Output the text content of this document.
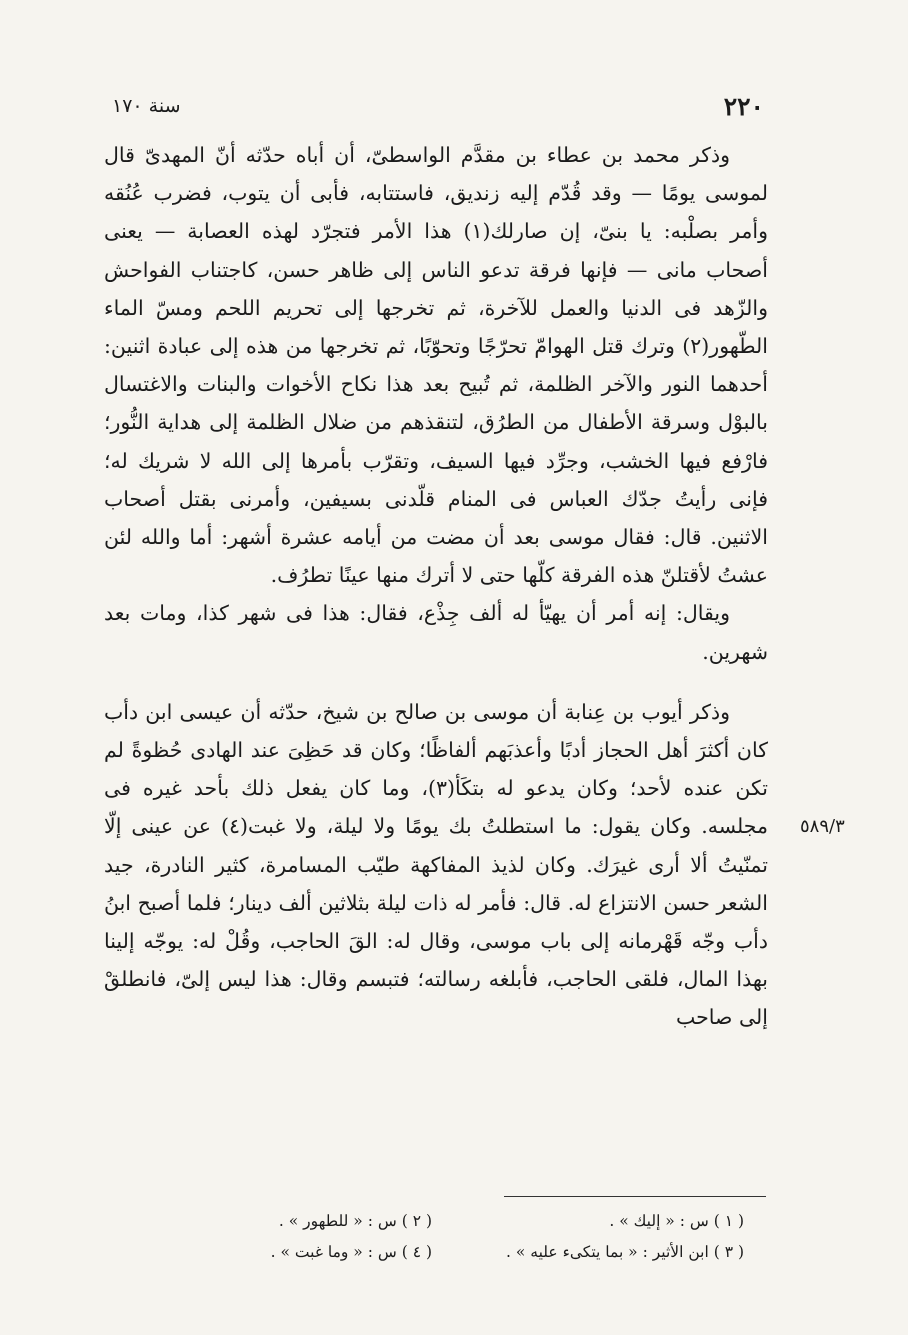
٢٢٠
سنة ١٧٠

وذكر محمد بن عطاء بن مقدَّم الواسطىّ، أن أباه حدّثه أنّ المهدىّ قال لموسى يومًا — وقد قُدّم إليه زنديق، فاستتابه، فأبى أن يتوب، فضرب عُنُقه وأمر بصلْبه: يا بنىّ، إن صارلك(١) هذا الأمر فتجرّد لهذه العصابة — يعنى أصحاب مانى — فإنها فرقة تدعو الناس إلى ظاهر حسن، كاجتناب الفواحش والزّهد فى الدنيا والعمل للآخرة، ثم تخرجها إلى تحريم اللحم ومسّ الماء الطّهور(٢) وترك قتل الهوامّ تحرّجًا وتحوّبًا، ثم تخرجها من هذه إلى عبادة اثنين: أحدهما النور والآخر الظلمة، ثم تُبيح بعد هذا نكاح الأخوات والبنات والاغتسال بالبوْل وسرقة الأطفال من الطرُق، لتنقذهم من ضلال الظلمة إلى هداية النُّور؛ فارْفع فيها الخشب، وجرِّد فيها السيف، وتقرّب بأمرها إلى الله لا شريك له؛ فإنى رأيتُ جدّك العباس فى المنام قلّدنى بسيفين، وأمرنى بقتل أصحاب الاثنين. قال: فقال موسى بعد أن مضت من أيامه عشرة أشهر: أما والله لئن عشتُ لأقتلنّ هذه الفرقة كلّها حتى لا أترك منها عينًا تطرُف.

ويقال: إنه أمر أن يهيّأ له ألف جِذْع، فقال: هذا فى شهر كذا، ومات بعد شهرين.

وذكر أيوب بن عِنابة أن موسى بن صالح بن شيخ، حدّثه أن عيسى ابن دأب كان أكثرَ أهل الحجاز أدبًا وأعذبَهم ألفاظًا؛ وكان قد حَظِىَ عند الهادى حُظوةً لم تكن عنده لأحد؛ وكان يدعو له بتكَأ(٣)، وما كان يفعل ذلك بأحد غيره فى مجلسه. وكان يقول: ما استطلتُ بك يومًا ولا ليلة، ولا غبت(٤) عن عينى إلّا تمنّيتُ ألا أرى غيرَك. وكان لذيذ المفاكهة طيّب المسامرة، كثير النادرة، جيد الشعر حسن الانتزاع له. قال: فأمر له ذات ليلة بثلاثين ألف دينار؛ فلما أصبح ابنُ دأب وجّه قَهْرمانه إلى باب موسى، وقال له: القَ الحاجب، وقُلْ له: يوجّه إلينا بهذا المال، فلقى الحاجب، فأبلغه رسالته؛ فتبسم وقال: هذا ليس إلىّ، فانطلقْ إلى صاحب

٥٨٩/٣
( ١ ) س : « إليك » .
( ٢ ) س : « للطهور » .
( ٣ ) ابن الأثير : « بما يتكىء عليه » .
( ٤ ) س : « وما غبت » .
